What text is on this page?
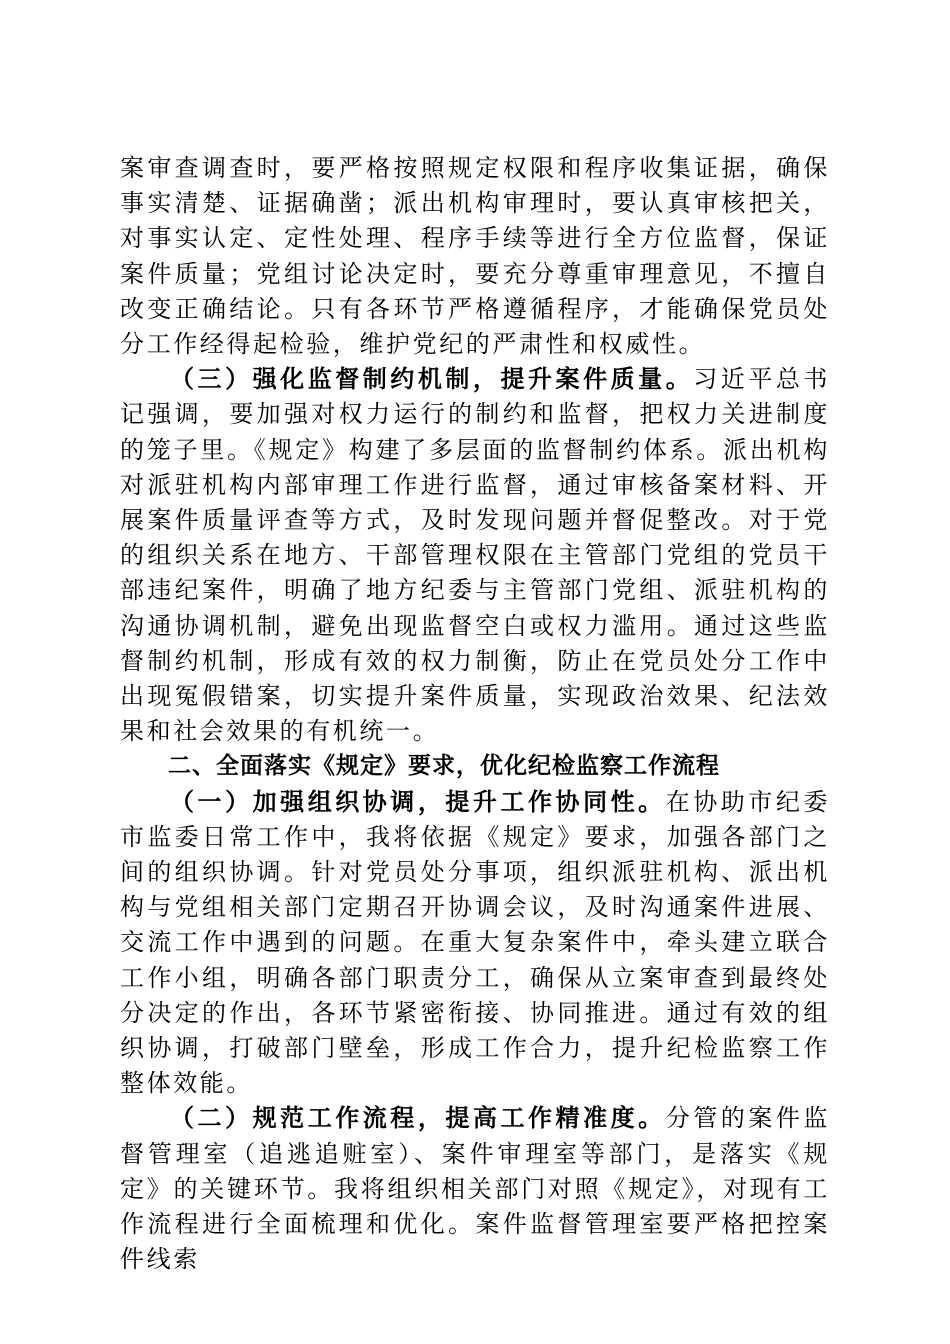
案审查调查时，要严格按照规定权限和程序收集证据，确保事实清楚、证据确凿；派出机构审理时，要认真审核把关，对事实认定、定性处理、程序手续等进行全方位监督，保证案件质量；党组讨论决定时，要充分尊重审理意见，不擅自改变正确结论。只有各环节严格遵循程序，才能确保党员处分工作经得起检验，维护党纪的严肃性和权威性。

（三）强化监督制约机制，提升案件质量。习近平总书记强调，要加强对权力运行的制约和监督，把权力关进制度的笼子里。《规定》构建了多层面的监督制约体系。派出机构对派驻机构内部审理工作进行监督，通过审核备案材料、开展案件质量评查等方式，及时发现问题并督促整改。对于党的组织关系在地方、干部管理权限在主管部门党组的党员干部违纪案件，明确了地方纪委与主管部门党组、派驻机构的沟通协调机制，避免出现监督空白或权力滥用。通过这些监督制约机制，形成有效的权力制衡，防止在党员处分工作中出现冤假错案，切实提升案件质量，实现政治效果、纪法效果和社会效果的有机统一。

二、全面落实《规定》要求，优化纪检监察工作流程

（一）加强组织协调，提升工作协同性。在协助市纪委市监委日常工作中，我将依据《规定》要求，加强各部门之间的组织协调。针对党员处分事项，组织派驻机构、派出机构与党组相关部门定期召开协调会议，及时沟通案件进展、交流工作中遇到的问题。在重大复杂案件中，牵头建立联合工作小组，明确各部门职责分工，确保从立案审查到最终处分决定的作出，各环节紧密衔接、协同推进。通过有效的组织协调，打破部门壁垒，形成工作合力，提升纪检监察工作整体效能。

（二）规范工作流程，提高工作精准度。分管的案件监督管理室（追逃追赃室）、案件审理室等部门，是落实《规定》的关键环节。我将组织相关部门对照《规定》，对现有工作流程进行全面梳理和优化。案件监督管理室要严格把控案件线索
